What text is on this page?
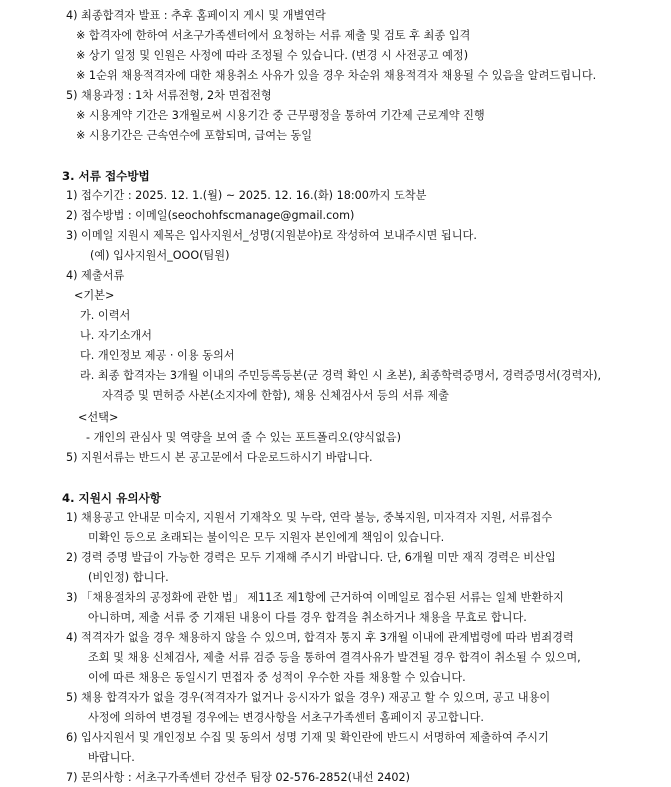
4) 최종합격자 발표 : 추후 홈페이지 게시 및 개별연락
※ 합격자에 한하여 서초구가족센터에서 요청하는 서류 제출 및 검토 후 최종 입격
※ 상기 일정 및 인원은 사정에 따라 조정될 수 있습니다. (변경 시 사전공고 예정)
※ 1순위 채용적격자에 대한 채용취소 사유가 있을 경우 차순위 채용적격자 채용될 수 있음을 알려드립니다.
5) 채용과정 : 1차 서류전형, 2차 면접전형
※ 시용계약 기간은 3개월로써 시용기간 중 근무평정을 통하여 기간제 근로계약 진행
※ 시용기간은 근속연수에 포함되며, 급여는 동일
3. 서류 접수방법
1) 접수기간 : 2025. 12. 1.(월) ~ 2025. 12. 16.(화) 18:00까지 도착분
2) 접수방법 : 이메일(seochohfscmanage@gmail.com)
3) 이메일 지원시 제목은 입사지원서_성명(지원분야)로 작성하여 보내주시면 됩니다.
(예) 입사지원서_OOO(팀원)
4) 제출서류
<기본>
가. 이력서
나. 자기소개서
다. 개인정보 제공 · 이용 동의서
라. 최종 합격자는 3개월 이내의 주민등록등본(군 경력 확인 시 초본), 최종학력증명서, 경력증명서(경력자),
자격증 및 면허증 사본(소지자에 한함), 채용 신체검사서 등의 서류 제출
<선택>
- 개인의 관심사 및 역량을 보여 줄 수 있는 포트폴리오(양식없음)
5) 지원서류는 반드시 본 공고문에서 다운로드하시기 바랍니다.
4. 지원시 유의사항
1) 채용공고 안내문 미숙지, 지원서 기재착오 및 누락, 연락 불능, 중복지원, 미자격자 지원, 서류접수
미확인 등으로 초래되는 불이익은 모두 지원자 본인에게 책임이 있습니다.
2) 경력 증명 발급이 가능한 경력은 모두 기재해 주시기 바랍니다. 단, 6개월 미만 재직 경력은 비산입
(비인정) 합니다.
3) 「채용절차의 공정화에 관한 법」 제11조 제1항에 근거하여 이메일로 접수된 서류는 일체 반환하지
아니하며, 제출 서류 중 기재된 내용이 다를 경우 합격을 취소하거나 채용을 무효로 합니다.
4) 적격자가 없을 경우 채용하지 않을 수 있으며, 합격자 통지 후 3개월 이내에 관계법령에 따라 범죄경력
조회 및 채용 신체검사, 제출 서류 검증 등을 통하여 결격사유가 발견될 경우 합격이 취소될 수 있으며,
이에 따른 채용은 동일시기 면접자 중 성적이 우수한 자를 채용할 수 있습니다.
5) 채용 합격자가 없을 경우(적격자가 없거나 응시자가 없을 경우) 재공고 할 수 있으며, 공고 내용이
사정에 의하여 변경될 경우에는 변경사항을 서초구가족센터 홈페이지 공고합니다.
6) 입사지원서 및 개인정보 수집 및 동의서 성명 기재 및 확인란에 반드시 서명하여 제출하여 주시기
바랍니다.
7) 문의사항 : 서초구가족센터 강선주 팀장 02-576-2852(내선 2402)
